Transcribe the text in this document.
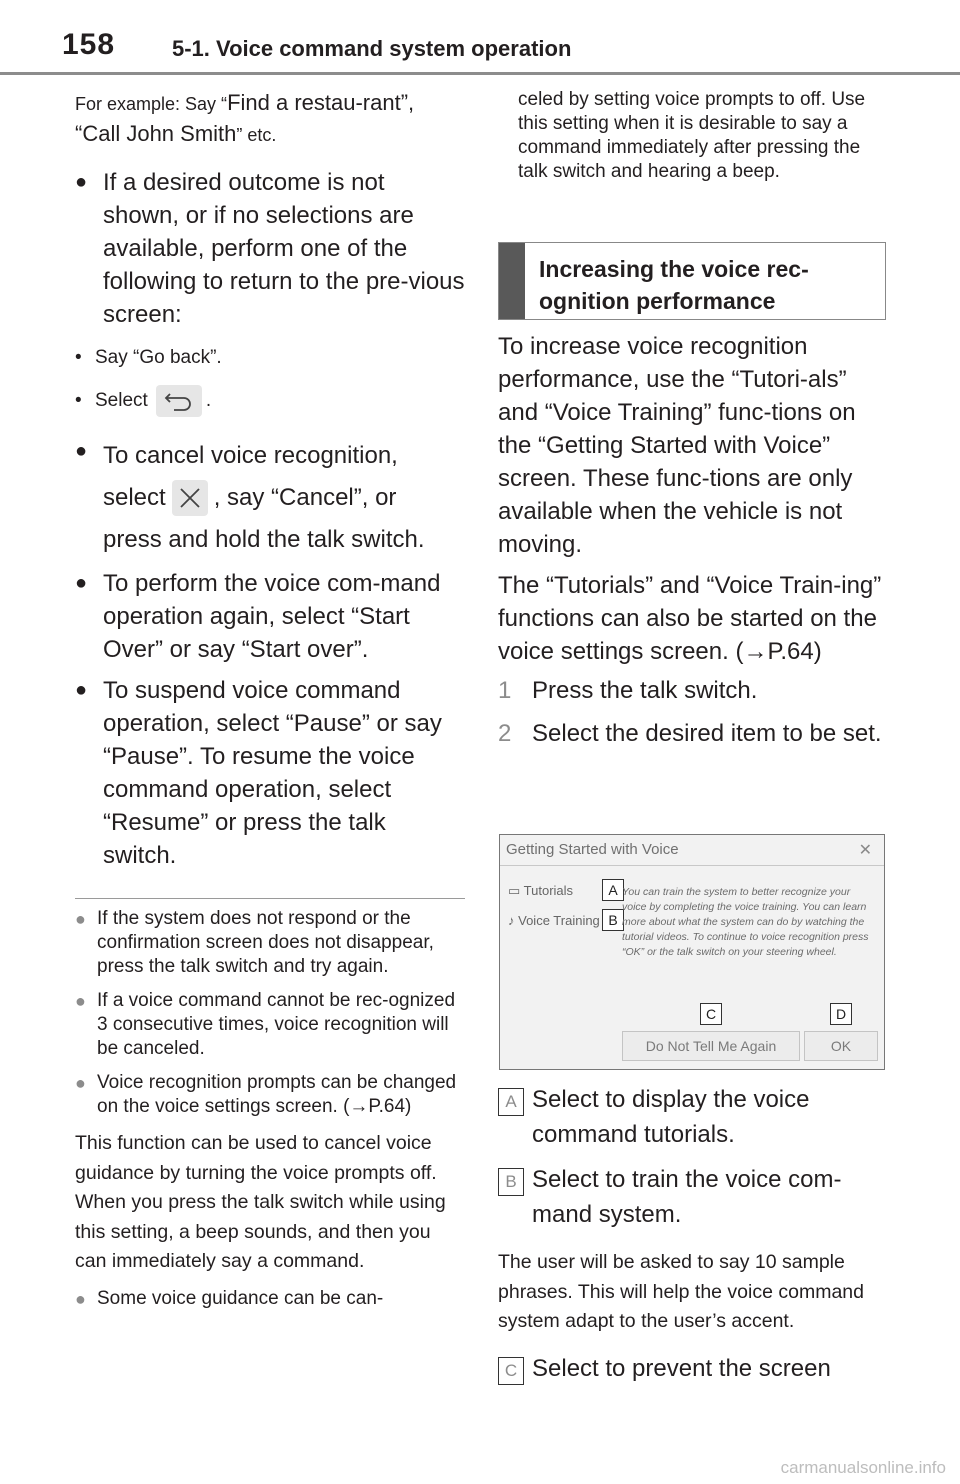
158	5-1. Voice command system operation
For example: Say “Find a restau-rant”, “Call John Smith” etc.
● If a desired outcome is not shown, or if no selections are available, perform one of the following to return to the pre-vious screen:
• Say “Go back”.
• Select	.
● To cancel voice recognition,
select , say “Cancel”, or
press and hold the talk switch.
● To perform the voice com-mand operation again, select “Start Over” or say “Start over”.
● To suspend voice command operation, select “Pause” or say “Pause”. To resume the voice command operation, select “Resume” or press the talk switch.
● If the system does not respond or the confirmation screen does not disappear, press the talk switch and try again.
● If a voice command cannot be rec-ognized 3 consecutive times, voice recognition will be canceled.
● Voice recognition prompts can be changed on the voice settings screen. (→P.64)
This function can be used to cancel voice guidance by turning the voice prompts off. When you press the talk switch while using this setting, a beep sounds, and then you can immediately say a command.
● Some voice guidance can be can-
celed by setting voice prompts to off. Use this setting when it is desirable to say a command immediately after pressing the talk switch and hearing a beep.
Increasing the voice rec-ognition performance
To increase voice recognition performance, use the “Tutori-als” and “Voice Training” func-tions on the “Getting Started with Voice” screen. These func-tions are only available when the vehicle is not moving.
The “Tutorials” and “Voice Train-ing” functions can also be started on the voice settings screen. (→P.64)
1 Press the talk switch.
2 Select the desired item to be set.
Getting Started with Voice	✕
▭ Tutorials
♪ Voice Training
A
B
You can train the system to better recognize your voice by completing the voice training. You can learn more about what the system can do by watching the tutorial videos. To continue to voice recognition press “OK” or the talk switch on your steering wheel.
C	D
Do Not Tell Me Again	OK
A Select to display the voice command tutorials.
B Select to train the voice com-mand system.
The user will be asked to say 10 sample phrases. This will help the voice command system adapt to the user’s accent.
C Select to prevent the screen
carmanualsonline.info
